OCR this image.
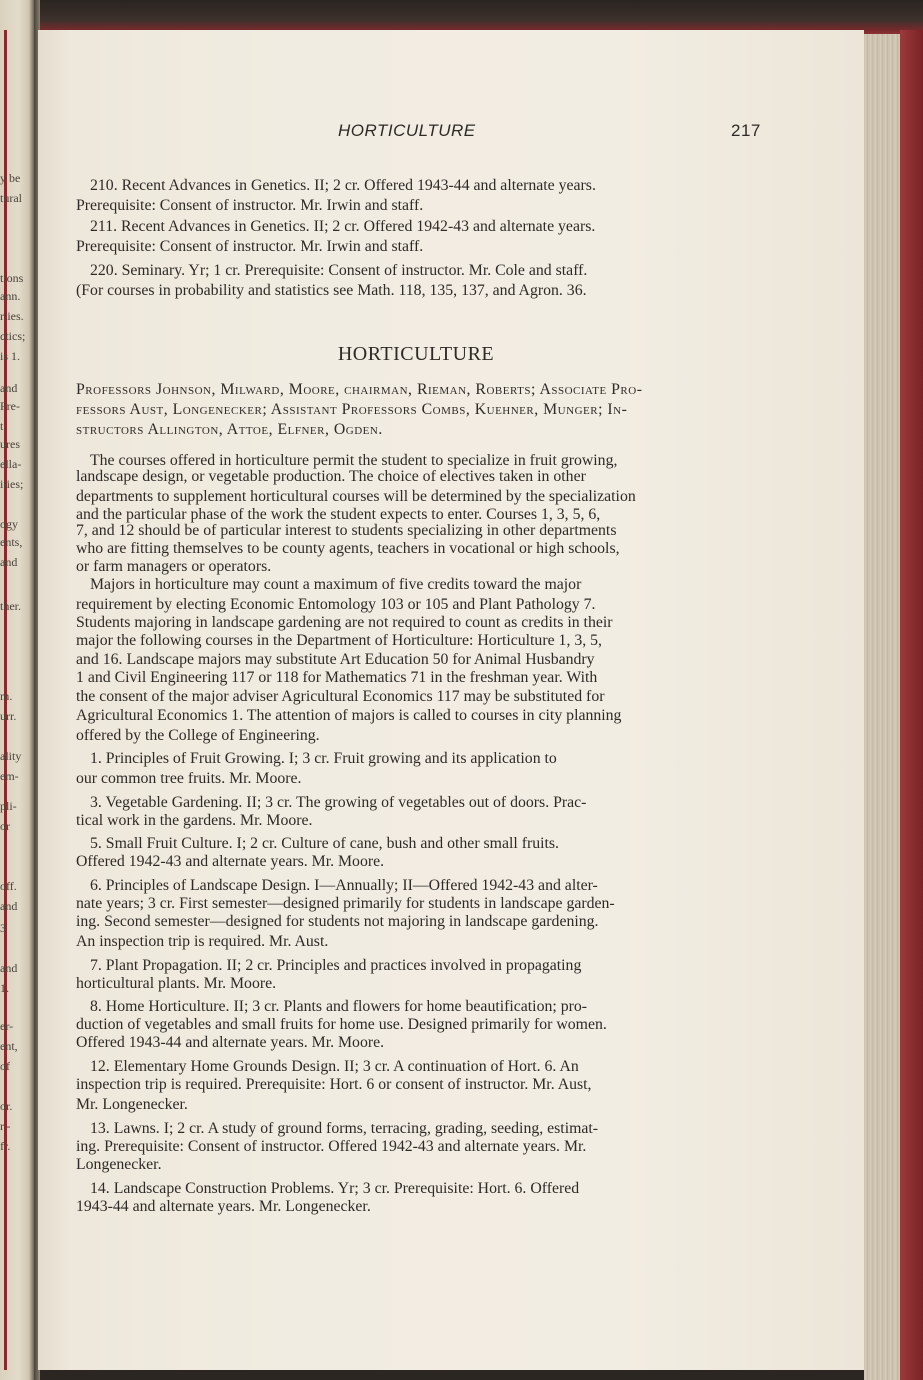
y be
tural
tions
ann.
rties.
ctics;
is 1.
and
Pre-
t.
ures
ella-
ities;
ogy
ents,
and
ther.
m.
urr.
ality
em-
pli-
or
off.
and
3
and
1.
er-
ent,
of
or.
r.-
fr.
HORTICULTURE	217
HORTICULTURE
210. Recent Advances in Genetics. II; 2 cr. Offered 1943-44 and alternate years.
Prerequisite: Consent of instructor. Mr. Irwin and staff.
211. Recent Advances in Genetics. II; 2 cr. Offered 1942-43 and alternate years.
Prerequisite: Consent of instructor. Mr. Irwin and staff.
220. Seminary. Yr; 1 cr. Prerequisite: Consent of instructor. Mr. Cole and staff.
(For courses in probability and statistics see Math. 118, 135, 137, and Agron. 36.
Professors Johnson, Milward, Moore, chairman, Rieman, Roberts; Associate Pro-
fessors Aust, Longenecker; Assistant Professors Combs, Kuehner, Munger; In-
structors Allington, Attoe, Elfner, Ogden.
The courses offered in horticulture permit the student to specialize in fruit growing,
landscape design, or vegetable production. The choice of electives taken in other
departments to supplement horticultural courses will be determined by the specialization
and the particular phase of the work the student expects to enter. Courses 1, 3, 5, 6,
7, and 12 should be of particular interest to students specializing in other departments
who are fitting themselves to be county agents, teachers in vocational or high schools,
or farm managers or operators.
Majors in horticulture may count a maximum of five credits toward the major
requirement by electing Economic Entomology 103 or 105 and Plant Pathology 7.
Students majoring in landscape gardening are not required to count as credits in their
major the following courses in the Department of Horticulture: Horticulture 1, 3, 5,
and 16. Landscape majors may substitute Art Education 50 for Animal Husbandry
1 and Civil Engineering 117 or 118 for Mathematics 71 in the freshman year. With
the consent of the major adviser Agricultural Economics 117 may be substituted for
Agricultural Economics 1. The attention of majors is called to courses in city planning
offered by the College of Engineering.
1. Principles of Fruit Growing. I; 3 cr. Fruit growing and its application to
our common tree fruits. Mr. Moore.
3. Vegetable Gardening. II; 3 cr. The growing of vegetables out of doors. Prac-
tical work in the gardens. Mr. Moore.
5. Small Fruit Culture. I; 2 cr. Culture of cane, bush and other small fruits.
Offered 1942-43 and alternate years. Mr. Moore.
6. Principles of Landscape Design. I—Annually; II—Offered 1942-43 and alter-
nate years; 3 cr. First semester—designed primarily for students in landscape garden-
ing. Second semester—designed for students not majoring in landscape gardening.
An inspection trip is required. Mr. Aust.
7. Plant Propagation. II; 2 cr. Principles and practices involved in propagating
horticultural plants. Mr. Moore.
8. Home Horticulture. II; 3 cr. Plants and flowers for home beautification; pro-
duction of vegetables and small fruits for home use. Designed primarily for women.
Offered 1943-44 and alternate years. Mr. Moore.
12. Elementary Home Grounds Design. II; 3 cr. A continuation of Hort. 6. An
inspection trip is required. Prerequisite: Hort. 6 or consent of instructor. Mr. Aust,
Mr. Longenecker.
13. Lawns. I; 2 cr. A study of ground forms, terracing, grading, seeding, estimat-
ing. Prerequisite: Consent of instructor. Offered 1942-43 and alternate years. Mr.
Longenecker.
14. Landscape Construction Problems. Yr; 3 cr. Prerequisite: Hort. 6. Offered
1943-44 and alternate years. Mr. Longenecker.
